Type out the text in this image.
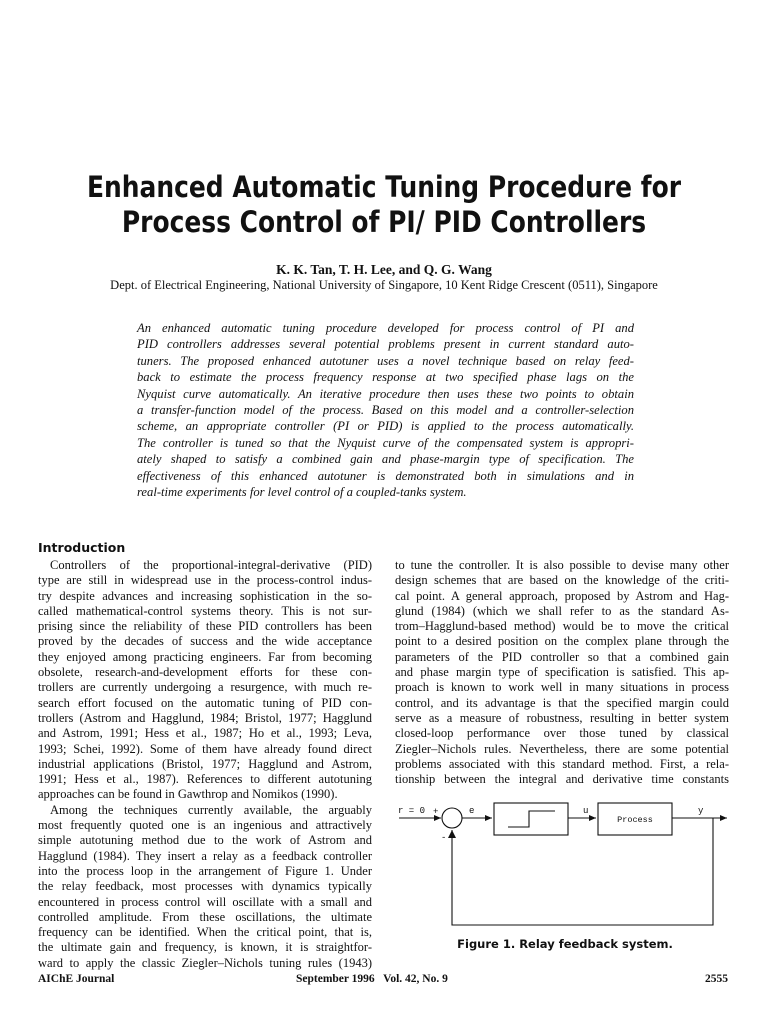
Enhanced Automatic Tuning Procedure for
Process Control of PI/ PID Controllers
K. K. Tan, T. H. Lee, and Q. G. Wang
Dept. of Electrical Engineering, National University of Singapore, 10 Kent Ridge Crescent (0511), Singapore
An enhanced automatic tuning procedure developed for process control of PI and
PID controllers addresses several potential problems present in current standard auto-
tuners. The proposed enhanced autotuner uses a novel technique based on relay feed-
back to estimate the process frequency response at two specified phase lags on the
Nyquist curve automatically. An iterative procedure then uses these two points to obtain
a transfer-function model of the process. Based on this model and a controller-selection
scheme, an appropriate controller (PI or PID) is applied to the process automatically.
The controller is tuned so that the Nyquist curve of the compensated system is appropri-
ately shaped to satisfy a combined gain and phase-margin type of specification. The
effectiveness of this enhanced autotuner is demonstrated both in simulations and in
real-time experiments for level control of a coupled-tanks system.
Introduction
Controllers of the proportional-integral-derivative (PID)
type are still in widespread use in the process-control indus-
try despite advances and increasing sophistication in the so-
called mathematical-control systems theory. This is not sur-
prising since the reliability of these PID controllers has been
proved by the decades of success and the wide acceptance
they enjoyed among practicing engineers. Far from becoming
obsolete, research-and-development efforts for these con-
trollers are currently undergoing a resurgence, with much re-
search effort focused on the automatic tuning of PID con-
trollers (Astrom and Hagglund, 1984; Bristol, 1977; Hagglund
and Astrom, 1991; Hess et al., 1987; Ho et al., 1993; Leva,
1993; Schei, 1992). Some of them have already found direct
industrial applications (Bristol, 1977; Hagglund and Astrom,
1991; Hess et al., 1987). References to different autotuning
approaches can be found in Gawthrop and Nomikos (1990).
Among the techniques currently available, the arguably
most frequently quoted one is an ingenious and attractively
simple autotuning method due to the work of Astrom and
Hagglund (1984). They insert a relay as a feedback controller
into the process loop in the arrangement of Figure 1. Under
the relay feedback, most processes with dynamics typically
encountered in process control will oscillate with a small and
controlled amplitude. From these oscillations, the ultimate
frequency can be identified. When the critical point, that is,
the ultimate gain and frequency, is known, it is straightfor-
ward to apply the classic Ziegler–Nichols tuning rules (1943)
to tune the controller. It is also possible to devise many other
design schemes that are based on the knowledge of the criti-
cal point. A general approach, proposed by Astrom and Hag-
glund (1984) (which we shall refer to as the standard As-
trom–Hagglund-based method) would be to move the critical
point to a desired position on the complex plane through the
parameters of the PID controller so that a combined gain
and phase margin type of specification is satisfied. This ap-
proach is known to work well in many situations in process
control, and its advantage is that the specified margin could
serve as a measure of robustness, resulting in better system
closed-loop performance over those tuned by classical
Ziegler–Nichols rules. Nevertheless, there are some potential
problems associated with this standard method. First, a rela-
tionship between the integral and derivative time constants
r = 0 +
-
e	u
Process
y
Figure 1. Relay feedback system.
AIChE Journal	September 1996   Vol. 42, No. 9	2555
